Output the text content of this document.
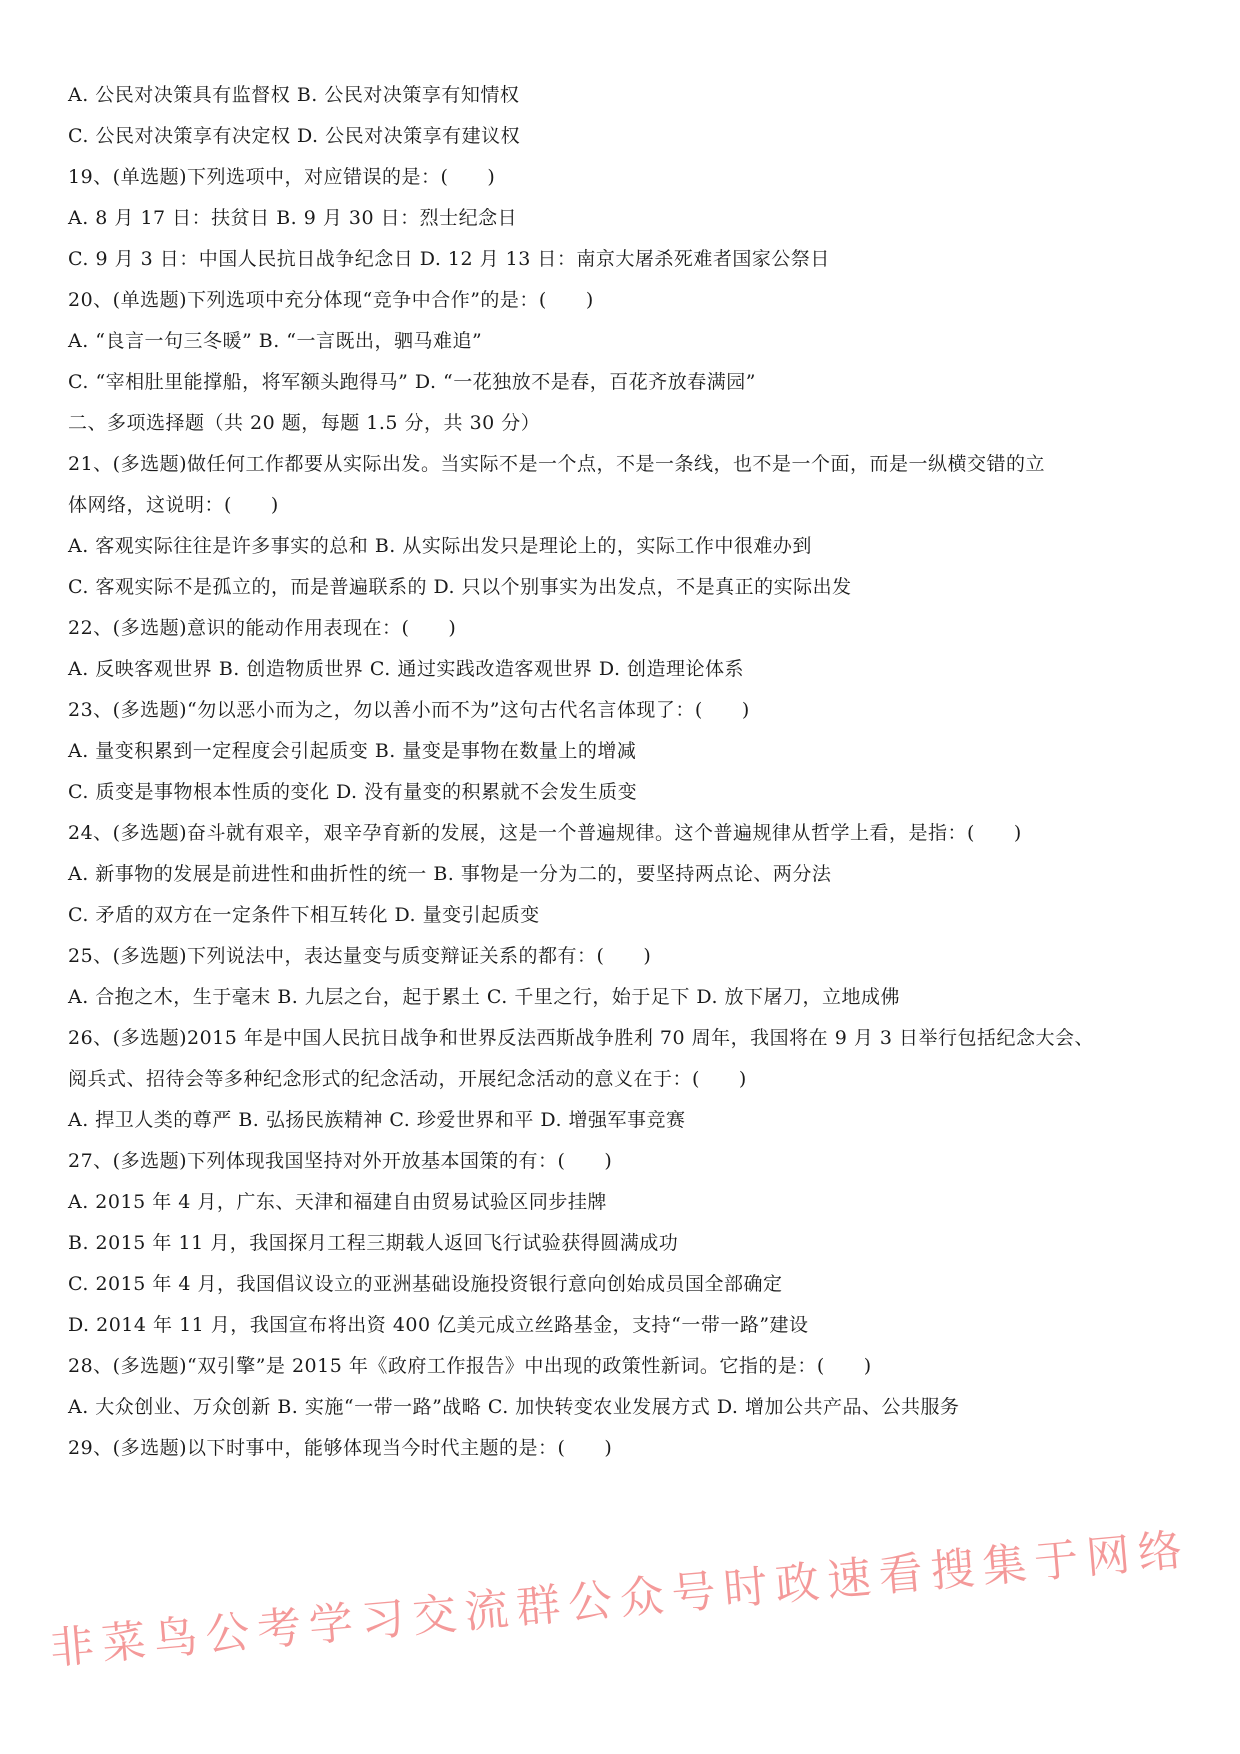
A. 公民对决策具有监督权 B. 公民对决策享有知情权
C. 公民对决策享有决定权 D. 公民对决策享有建议权
19、(单选题)下列选项中，对应错误的是：(　　)
A. 8 月 17 日：扶贫日 B. 9 月 30 日：烈士纪念日
C. 9 月 3 日：中国人民抗日战争纪念日 D. 12 月 13 日：南京大屠杀死难者国家公祭日
20、(单选题)下列选项中充分体现“竞争中合作”的是：(　　)
A. “良言一句三冬暖” B. “一言既出，驷马难追”
C. “宰相肚里能撑船，将军额头跑得马” D. “一花独放不是春，百花齐放春满园”
二、多项选择题（共 20 题，每题 1.5 分，共 30 分）
21、(多选题)做任何工作都要从实际出发。当实际不是一个点，不是一条线，也不是一个面，而是一纵横交错的立
体网络，这说明：(　　)
A. 客观实际往往是许多事实的总和 B. 从实际出发只是理论上的，实际工作中很难办到
C. 客观实际不是孤立的，而是普遍联系的 D. 只以个别事实为出发点，不是真正的实际出发
22、(多选题)意识的能动作用表现在：(　　)
A. 反映客观世界 B. 创造物质世界 C. 通过实践改造客观世界 D. 创造理论体系
23、(多选题)“勿以恶小而为之，勿以善小而不为”这句古代名言体现了：(　　)
A. 量变积累到一定程度会引起质变 B. 量变是事物在数量上的增减
C. 质变是事物根本性质的变化 D. 没有量变的积累就不会发生质变
24、(多选题)奋斗就有艰辛，艰辛孕育新的发展，这是一个普遍规律。这个普遍规律从哲学上看，是指：(　　)
A. 新事物的发展是前进性和曲折性的统一 B. 事物是一分为二的，要坚持两点论、两分法
C. 矛盾的双方在一定条件下相互转化 D. 量变引起质变
25、(多选题)下列说法中，表达量变与质变辩证关系的都有：(　　)
A. 合抱之木，生于毫末 B. 九层之台，起于累土 C. 千里之行，始于足下 D. 放下屠刀，立地成佛
26、(多选题)2015 年是中国人民抗日战争和世界反法西斯战争胜利 70 周年，我国将在 9 月 3 日举行包括纪念大会、
阅兵式、招待会等多种纪念形式的纪念活动，开展纪念活动的意义在于：(　　)
A. 捍卫人类的尊严 B. 弘扬民族精神 C. 珍爱世界和平 D. 增强军事竞赛
27、(多选题)下列体现我国坚持对外开放基本国策的有：(　　)
A. 2015 年 4 月，广东、天津和福建自由贸易试验区同步挂牌
B. 2015 年 11 月，我国探月工程三期载人返回飞行试验获得圆满成功
C. 2015 年 4 月，我国倡议设立的亚洲基础设施投资银行意向创始成员国全部确定
D. 2014 年 11 月，我国宣布将出资 400 亿美元成立丝路基金，支持“一带一路”建设
28、(多选题)“双引擎”是 2015 年《政府工作报告》中出现的政策性新词。它指的是：(　　)
A. 大众创业、万众创新 B. 实施“一带一路”战略 C. 加快转变农业发展方式 D. 增加公共产品、公共服务
29、(多选题)以下时事中，能够体现当今时代主题的是：(　　)
非菜鸟公考学习交流群公众号时政速看搜集于网络
